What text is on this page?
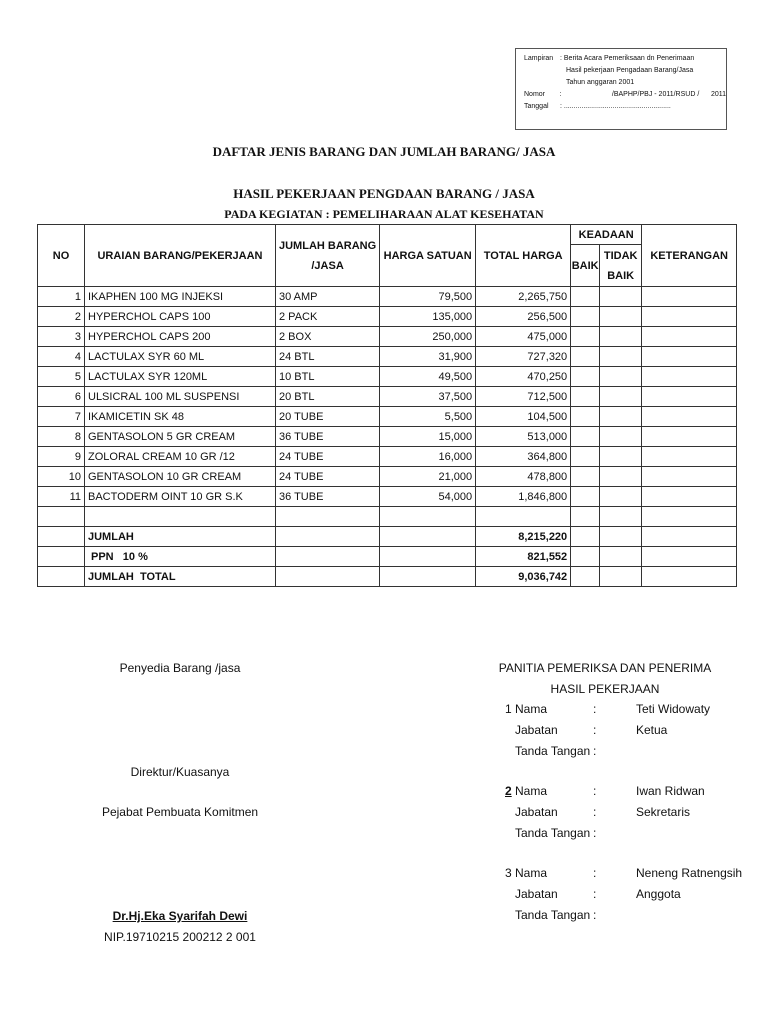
Lampiran : Berita Acara Pemeriksaan dn Penerimaan
Hasil pekerjaan Pengadaan Barang/Jasa
Tahun anggaran 2001
Nomor	:                          /BAPHP/PBJ - 2011/RSUD /      2011
Tanggal	: .......................................................
DAFTAR JENIS BARANG DAN JUMLAH BARANG/ JASA
HASIL PEKERJAAN PENGDAAN BARANG / JASA
PADA KEGIATAN : PEMELIHARAAN ALAT KESEHATAN
NO	URAIAN BARANG/PEKERJAAN	JUMLAH BARANG
/JASA	HARGA SATUAN	TOTAL HARGA	KEADAAN		KETERANGAN
					BAIK	TIDAK
BAIK	

1	IKAPHEN 100 MG INJEKSI	30 AMP	79,500	2,265,750			
2	HYPERCHOL CAPS 100	2 PACK	135,000	256,500			
3	HYPERCHOL CAPS 200	2 BOX	250,000	475,000			
4	LACTULAX SYR 60 ML	24 BTL	31,900	727,320			
5	LACTULAX SYR 120ML	10 BTL	49,500	470,250			
6	ULSICRAL 100 ML SUSPENSI	20 BTL	37,500	712,500			
7	IKAMICETIN SK 48	20 TUBE	5,500	104,500			
8	GENTASOLON 5 GR CREAM	36 TUBE	15,000	513,000			
9	ZOLORAL CREAM 10 GR /12	24 TUBE	16,000	364,800			
10	GENTASOLON 10 GR CREAM	24 TUBE	21,000	478,800			
11	BACTODERM OINT 10 GR S.K	36 TUBE	54,000	1,846,800			

	JUMLAH			8,215,220			
	PPN   10 %			821,552			
	JUMLAH  TOTAL			9,036,742			
Penyedia Barang /jasa
Direktur/Kuasanya
Pejabat Pembuata Komitmen
Dr.Hj.Eka Syarifah Dewi
NIP.19710215 200212 2 001
PANITIA PEMERIKSA DAN PENERIMA
HASIL PEKERJAAN
1 Nama	:	Teti Widowaty
Jabatan	:	Ketua
Tanda Tangan :
2 Nama	:	Iwan Ridwan
Jabatan	:	Sekretaris
Tanda Tangan :
3 Nama	:	Neneng Ratnengsih
Jabatan	:	Anggota
Tanda Tangan :
